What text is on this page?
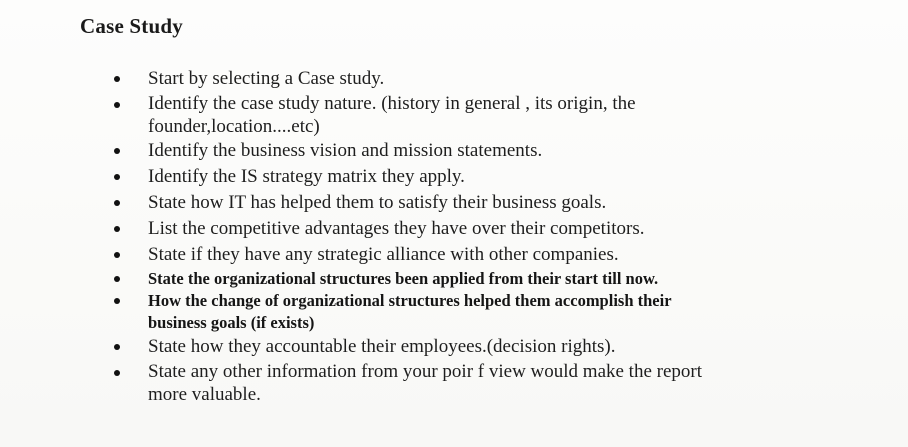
Case Study
Start by selecting a Case study.
Identify the case study nature. (history in general , its origin, the
founder,location....etc)
Identify the business vision and mission statements.
Identify the IS strategy matrix they apply.
State how IT has helped them to satisfy their business goals.
List the competitive advantages they have over their competitors.
State if they have any strategic alliance with other companies.
State the organizational structures been applied from their start till now.
How the change of organizational structures helped them accomplish their
business goals (if exists)
State how they accountable their employees.(decision rights).
State any other information from your poir f view would make the report
more valuable.
